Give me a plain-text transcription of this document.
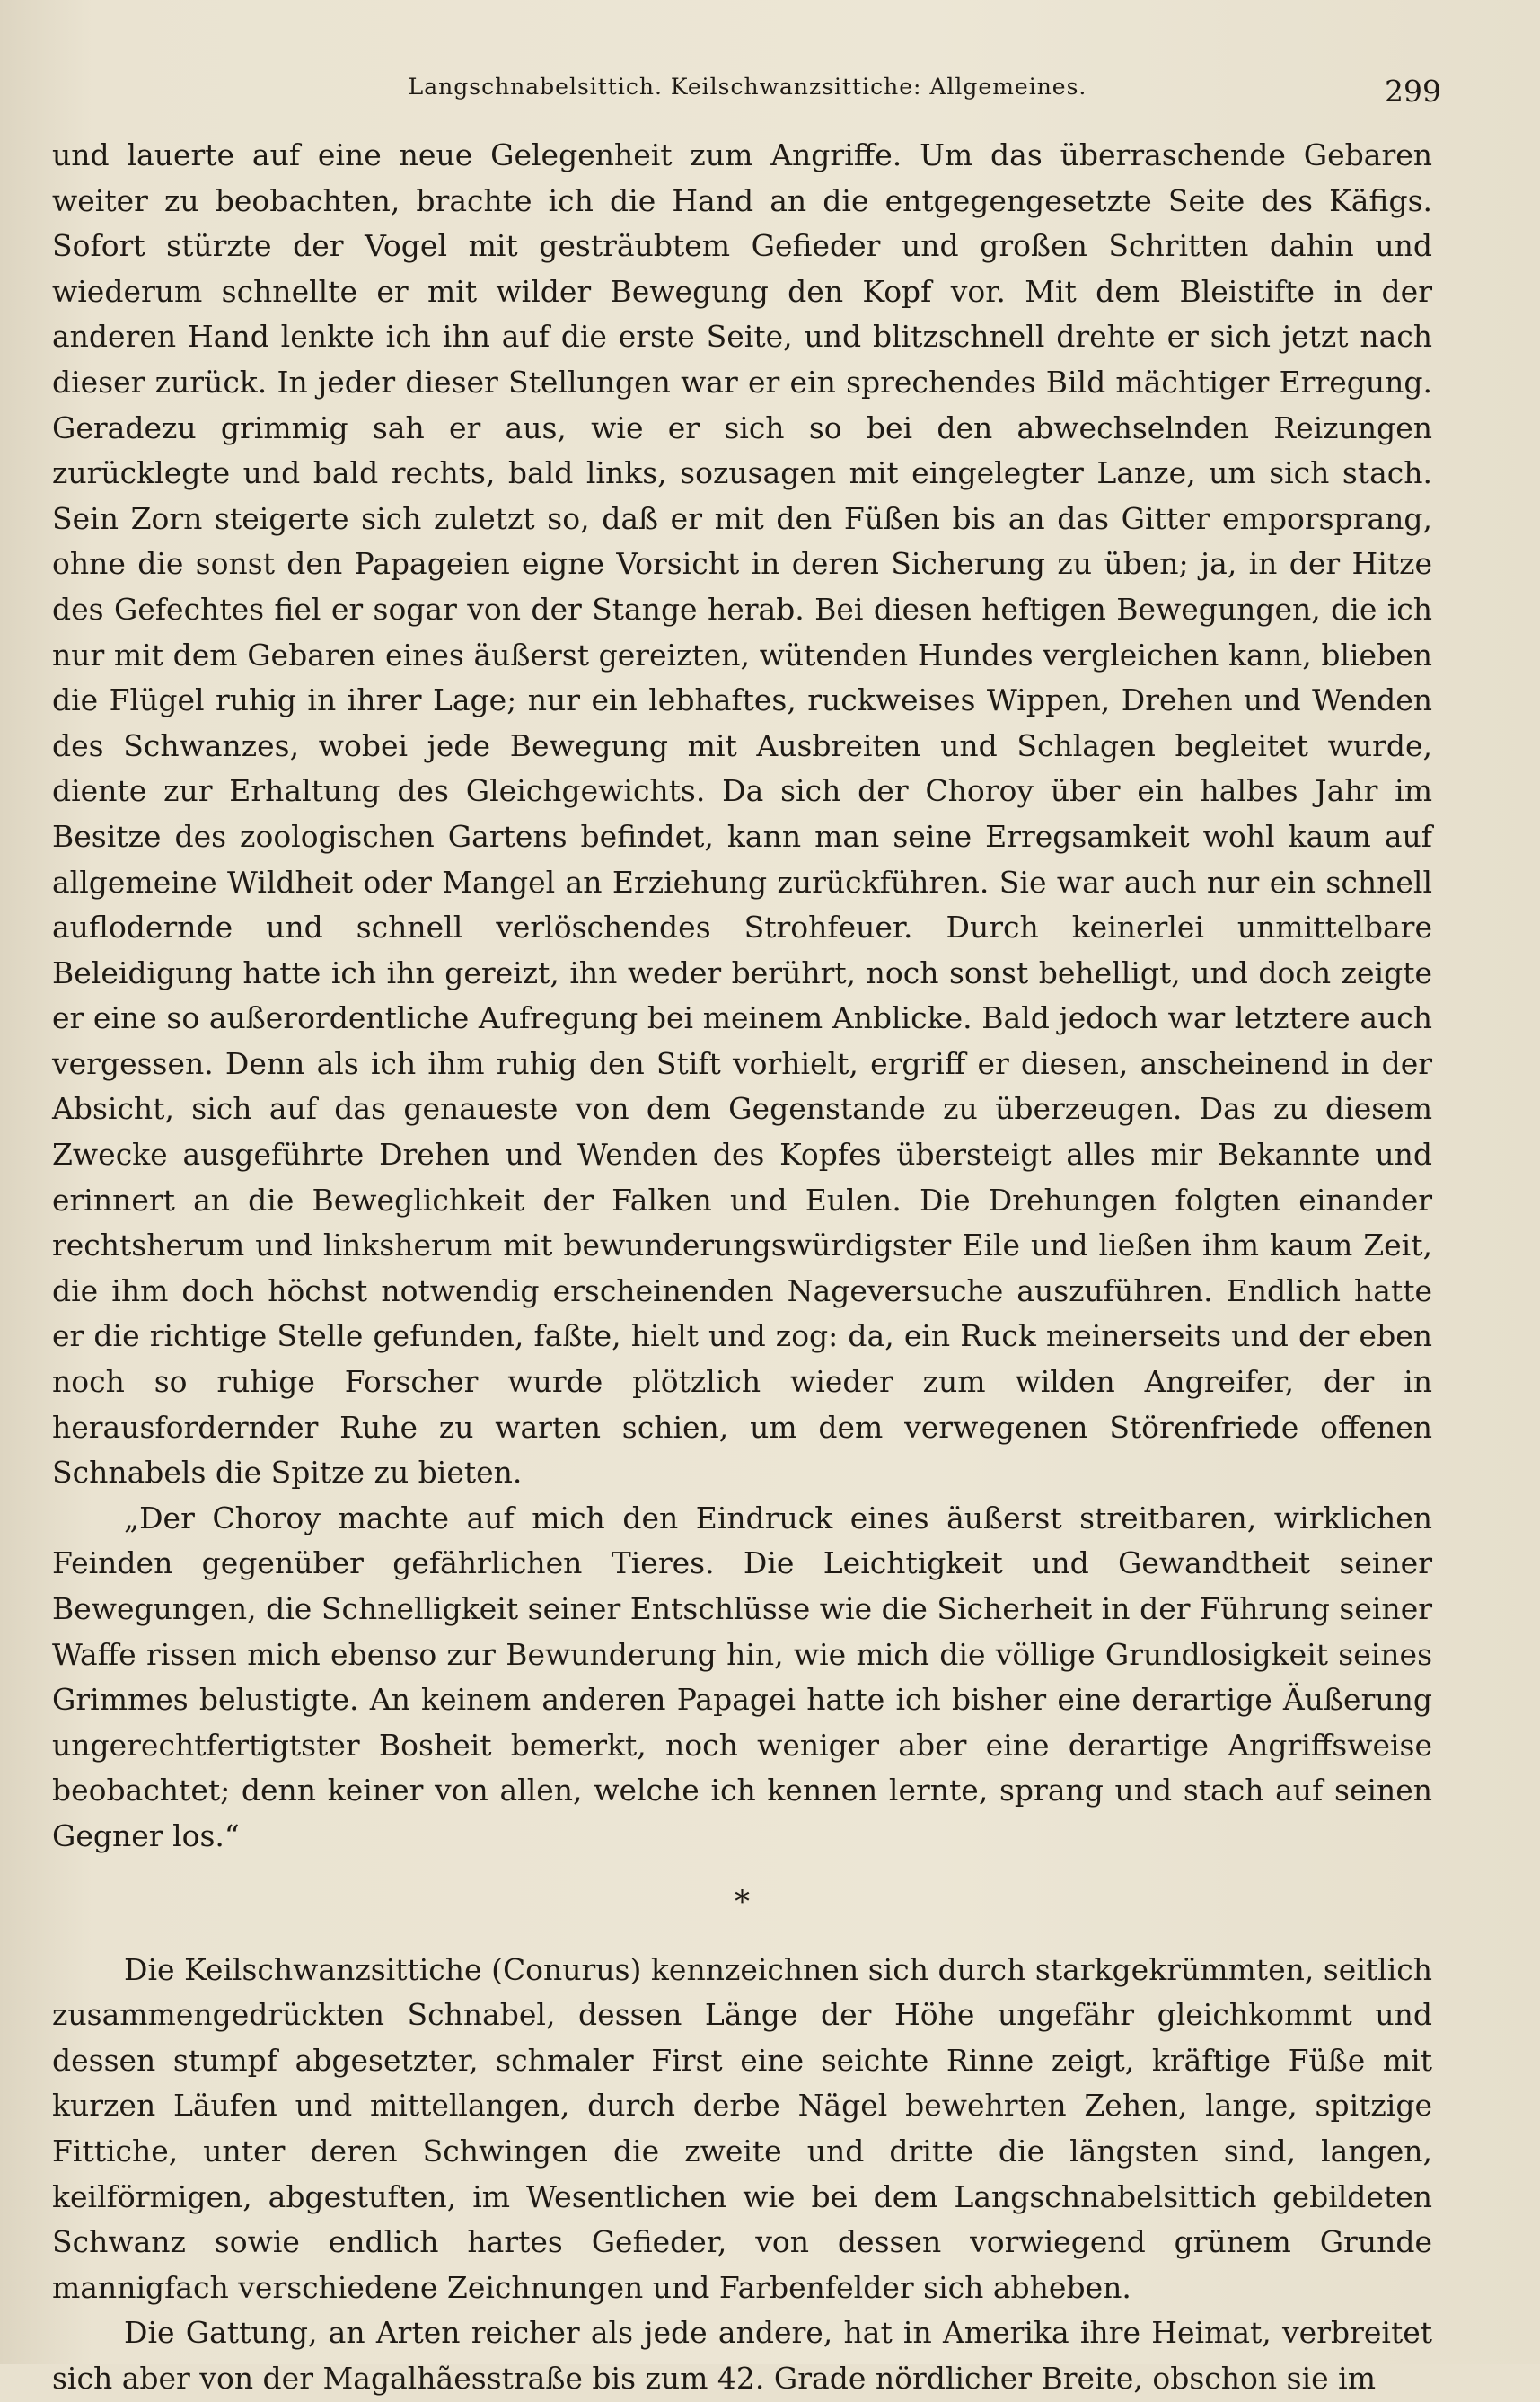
Langschnabelsittich. Keilschwanzsittiche: Allgemeines.	299

und lauerte auf eine neue Gelegenheit zum Angriffe. Um das überraschende Gebaren weiter zu beobachten, brachte ich die Hand an die entgegengesetzte Seite des Käfigs. Sofort stürzte der Vogel mit gesträubtem Gefieder und großen Schritten dahin und wiederum schnellte er mit wilder Bewegung den Kopf vor. Mit dem Bleistifte in der anderen Hand lenkte ich ihn auf die erste Seite, und blitzschnell drehte er sich jetzt nach dieser zurück. In jeder dieser Stellungen war er ein sprechendes Bild mächtiger Erregung. Geradezu grimmig sah er aus, wie er sich so bei den abwechselnden Reizungen zurücklegte und bald rechts, bald links, sozusagen mit eingelegter Lanze, um sich stach. Sein Zorn steigerte sich zuletzt so, daß er mit den Füßen bis an das Gitter emporsprang, ohne die sonst den Papageien eigne Vorsicht in deren Sicherung zu üben; ja, in der Hitze des Gefechtes fiel er sogar von der Stange herab. Bei diesen heftigen Bewegungen, die ich nur mit dem Gebaren eines äußerst gereizten, wütenden Hundes vergleichen kann, blieben die Flügel ruhig in ihrer Lage; nur ein lebhaftes, ruckweises Wippen, Drehen und Wenden des Schwanzes, wobei jede Bewegung mit Ausbreiten und Schlagen begleitet wurde, diente zur Erhaltung des Gleichgewichts. Da sich der Choroy über ein halbes Jahr im Besitze des zoologischen Gartens befindet, kann man seine Erregsamkeit wohl kaum auf allgemeine Wildheit oder Mangel an Erziehung zurückführen. Sie war auch nur ein schnell auflodernde und schnell verlöschendes Strohfeuer. Durch keinerlei unmittelbare Beleidigung hatte ich ihn gereizt, ihn weder berührt, noch sonst behelligt, und doch zeigte er eine so außerordentliche Aufregung bei meinem Anblicke. Bald jedoch war letztere auch vergessen. Denn als ich ihm ruhig den Stift vorhielt, ergriff er diesen, anscheinend in der Absicht, sich auf das genaueste von dem Gegenstande zu überzeugen. Das zu diesem Zwecke ausgeführte Drehen und Wenden des Kopfes übersteigt alles mir Bekannte und erinnert an die Beweglichkeit der Falken und Eulen. Die Drehungen folgten einander rechtsherum und linksherum mit bewunderungswürdigster Eile und ließen ihm kaum Zeit, die ihm doch höchst notwendig erscheinenden Nageversuche auszuführen. Endlich hatte er die richtige Stelle gefunden, faßte, hielt und zog: da, ein Ruck meinerseits und der eben noch so ruhige Forscher wurde plötzlich wieder zum wilden Angreifer, der in herausfordernder Ruhe zu warten schien, um dem verwegenen Störenfriede offenen Schnabels die Spitze zu bieten.

„Der Choroy machte auf mich den Eindruck eines äußerst streitbaren, wirklichen Feinden gegenüber gefährlichen Tieres. Die Leichtigkeit und Gewandtheit seiner Bewegungen, die Schnelligkeit seiner Entschlüsse wie die Sicherheit in der Führung seiner Waffe rissen mich ebenso zur Bewunderung hin, wie mich die völlige Grundlosigkeit seines Grimmes belustigte. An keinem anderen Papagei hatte ich bisher eine derartige Äußerung ungerechtfertigtster Bosheit bemerkt, noch weniger aber eine derartige Angriffsweise beobachtet; denn keiner von allen, welche ich kennen lernte, sprang und stach auf seinen Gegner los.“

*

Die Keilschwanzsittiche (Conurus) kennzeichnen sich durch starkgekrümmten, seitlich zusammengedrückten Schnabel, dessen Länge der Höhe ungefähr gleichkommt und dessen stumpf abgesetzter, schmaler First eine seichte Rinne zeigt, kräftige Füße mit kurzen Läufen und mittellangen, durch derbe Nägel bewehrten Zehen, lange, spitzige Fittiche, unter deren Schwingen die zweite und dritte die längsten sind, langen, keilförmigen, abgestuften, im Wesentlichen wie bei dem Langschnabelsittich gebildeten Schwanz sowie endlich hartes Gefieder, von dessen vorwiegend grünem Grunde mannigfach verschiedene Zeichnungen und Farbenfelder sich abheben.

Die Gattung, an Arten reicher als jede andere, hat in Amerika ihre Heimat, verbreitet sich aber von der Magalhãesstraße bis zum 42. Grade nördlicher Breite, obschon sie im
